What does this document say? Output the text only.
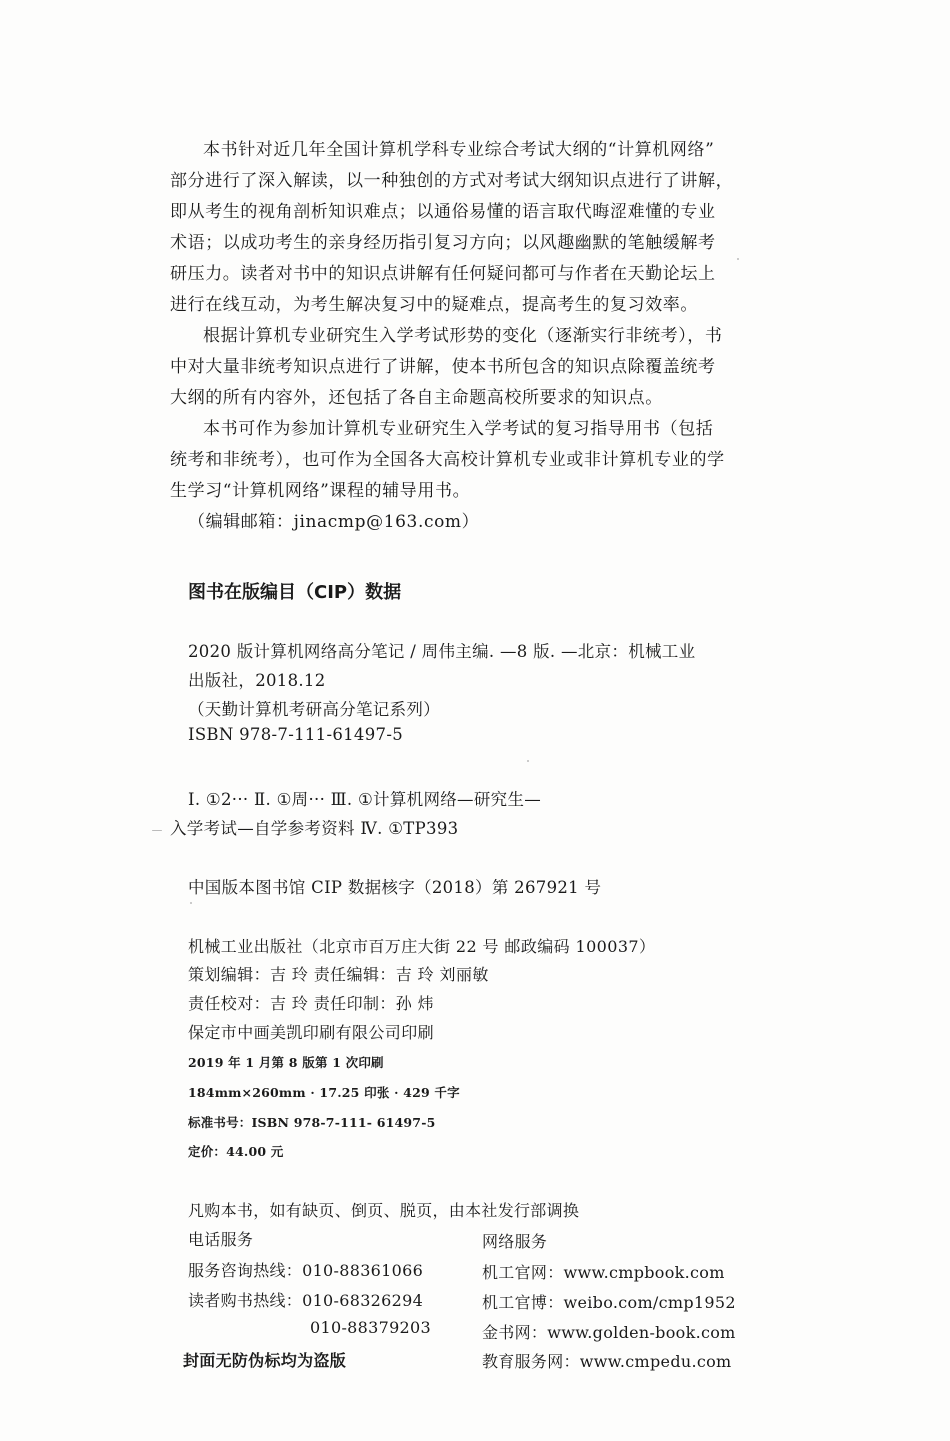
本书针对近几年全国计算机学科专业综合考试大纲的“计算机网络”

部分进行了深入解读，以一种独创的方式对考试大纲知识点进行了讲解，

即从考生的视角剖析知识难点；以通俗易懂的语言取代晦涩难懂的专业

术语；以成功考生的亲身经历指引复习方向；以风趣幽默的笔触缓解考

研压力。读者对书中的知识点讲解有任何疑问都可与作者在天勤论坛上

进行在线互动，为考生解决复习中的疑难点，提高考生的复习效率。

根据计算机专业研究生入学考试形势的变化（逐渐实行非统考），书

中对大量非统考知识点进行了讲解，使本书所包含的知识点除覆盖统考

大纲的所有内容外，还包括了各自主命题高校所要求的知识点。

本书可作为参加计算机专业研究生入学考试的复习指导用书（包括

统考和非统考），也可作为全国各大高校计算机专业或非计算机专业的学

生学习“计算机网络”课程的辅导用书。

（编辑邮箱：jinacmp@163.com）

图书在版编目（CIP）数据
2020 版计算机网络高分笔记 / 周伟主编. —8 版. —北京：机械工业
出版社，2018.12
（天勤计算机考研高分笔记系列）
ISBN 978-7-111-61497-5
Ⅰ. ①2··· Ⅱ. ①周··· Ⅲ. ①计算机网络—研究生—
入学考试—自学参考资料 Ⅳ. ①TP393
中国版本图书馆 CIP 数据核字（2018）第 267921 号
机械工业出版社（北京市百万庄大街 22 号 邮政编码 100037）
策划编辑：吉 玲 责任编辑：吉 玲 刘丽敏
责任校对：吉 玲 责任印制：孙 炜
保定市中画美凯印刷有限公司印刷
2019 年 1 月第 8 版第 1 次印刷
184mm×260mm · 17.25 印张 · 429 千字
标准书号：ISBN 978-7-111- 61497-5
定价：44.00 元
凡购本书，如有缺页、倒页、脱页，由本社发行部调换
电话服务	网络服务
服务咨询热线：010-88361066
读者购书热线：010-68326294
010-88379203
机工官网：www.cmpbook.com
机工官博：weibo.com/cmp1952
金书网：www.golden-book.com
教育服务网：www.cmpedu.com
封面无防伪标均为盗版
